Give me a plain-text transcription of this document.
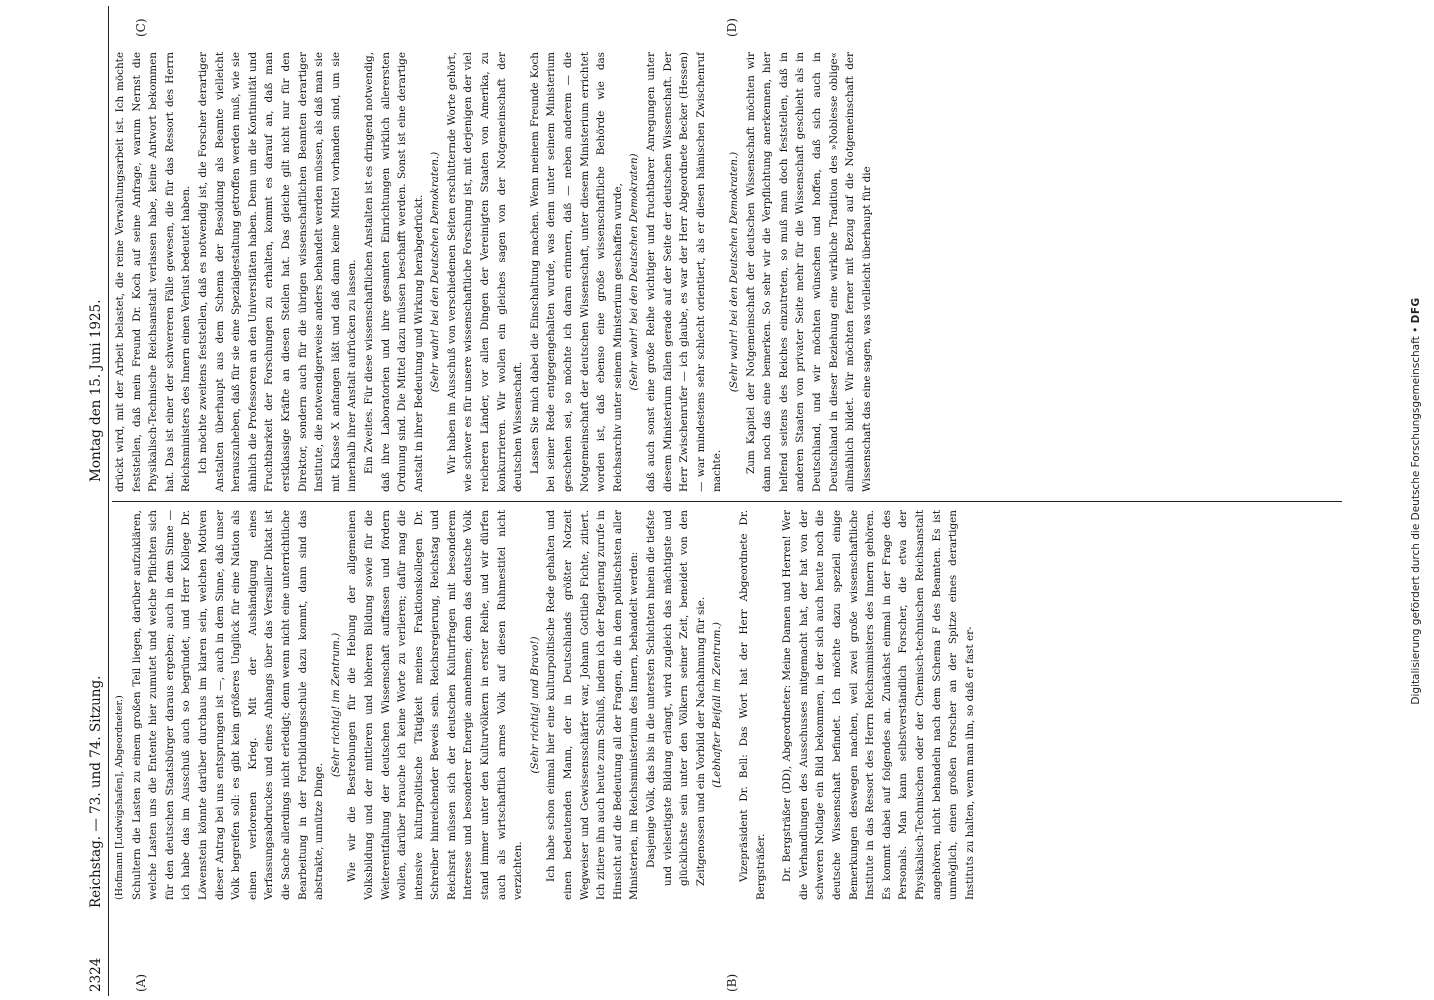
2324
Reichstag. — 73. und 74. Sitzung.
Montag den 15. Juni 1925.
(A)	(B)
(C)	(D)

(Hofmann [Ludwigshafen], Abgeordneter.) Schultern die Lasten zu einem großen Teil liegen, darüber aufzuklären, welche Lasten uns die Entente hier zumutet und welche Pflichten sich für den deutschen Staatsbürger daraus ergeben; auch in dem Sinne — ich habe das im Ausschuß auch so begründet, und Herr Kollege Dr. Löwenstein könnte darüber durchaus im klaren sein, welchen Motiven dieser Antrag bei uns entsprungen ist —, auch in dem Sinne, daß unser Volk begreifen soll: es gibt kein größeres Unglück für eine Nation als einen verlorenen Krieg. Mit der Aushändigung eines Verfassungsabdruckes und eines Anhangs über das Versailler Diktat ist die Sache allerdings nicht erledigt; denn wenn nicht eine unterrichtliche Bearbeitung in der Fortbildungsschule dazu kommt, dann sind das abstrakte, unnütze Dinge.

(Sehr richtig! im Zentrum.) Wie wir die Bestrebungen für die Hebung der allgemeinen Volksbildung und der mittleren und höheren Bildung sowie für die Weiterentfaltung der deutschen Wissenschaft auffassen und fördern wollen, darüber brauche ich keine Worte zu verlieren; dafür mag die intensive kulturpolitische Tätigkeit meines Fraktionskollegen Dr. Schreiber hinreichender Beweis sein. Reichsregierung, Reichstag und Reichsrat müssen sich der deutschen Kulturfragen mit besonderem Interesse und besonderer Energie annehmen; denn das deutsche Volk stand immer unter den Kulturvölkern in erster Reihe, und wir dürfen auch als wirtschaftlich armes Volk auf diesen Ruhmestitel nicht verzichten.

(Sehr richtig! und Bravo!) Ich habe schon einmal hier eine kulturpolitische Rede gehalten und einen bedeutenden Mann, der in Deutschlands größter Notzeit Wegweiser und Gewissensschärfer war, Johann Gottlieb Fichte, zitiert. Ich zitiere ihn auch heute zum Schluß, indem ich der Regierung zurufe in Hinsicht auf die Bedeutung all der Fragen, die in dem politischsten aller Ministerien, im Reichsministerium des Innern, behandelt werden: Dasjenige Volk, das bis in die untersten Schichten hinein die tiefste und vielseitigste Bildung erlangt, wird zugleich das mächtigste und glücklichste sein unter den Völkern seiner Zeit, beneidet von den Zeitgenossen und ein Vorbild der Nachahmung für sie. (Lebhafter Beifall im Zentrum.) Vizepräsident Dr. Bell: Das Wort hat der Herr Abgeordnete Dr. Bergsträßer. Dr. Bergsträßer (DD), Abgeordneter: Meine Damen und Herren! Wer die Verhandlungen des Ausschusses mitgemacht hat, der hat von der schweren Notlage ein Bild bekommen, in der sich auch heute noch die deutsche Wissenschaft befindet. Ich möchte dazu speziell einige Bemerkungen deswegen machen, weil zwei große wissenschaftliche Institute in das Ressort des Herrn Reichsministers des Innern gehören. Es kommt dabei auf folgendes an. Zunächst einmal in der Frage des Personals. Man kann selbstverständlich Forscher, die etwa der Physikalisch-Technischen oder der Chemisch-technischen Reichsanstalt angehören, nicht behandeln nach dem Schema F des Beamten. Es ist unmöglich, einen großen Forscher an der Spitze eines derartigen Instituts zu halten, wenn man ihn, so daß er fast er-

drückt wird, mit der Arbeit belastet, die reine Verwaltungsarbeit ist. Ich möchte feststellen, daß mein Freund Dr. Koch auf seine Anfrage, warum Nernst die Physikalisch-Technische Reichsanstalt verlassen habe, keine Antwort bekommen hat. Das ist einer der schwereren Fälle gewesen, die für das Ressort des Herrn Reichsministers des Innern einen Verlust bedeutet haben. Ich möchte zweitens feststellen, daß es notwendig ist, die Forscher derartiger Anstalten überhaupt aus dem Schema der Besoldung als Beamte vielleicht herauszuheben, daß für sie eine Spezialgestaltung getroffen werden muß, wie sie ähnlich die Professoren an den Universitäten haben. Denn um die Kontinuität und Fruchtbarkeit der Forschungen zu erhalten, kommt es darauf an, daß man erstklassige Kräfte an diesen Stellen hat. Das gleiche gilt nicht nur für den Direktor, sondern auch für die übrigen wissenschaftlichen Beamten derartiger Institute, die notwendigerweise anders behandelt werden müssen, als daß man sie mit Klasse X anfangen läßt und daß dann keine Mittel vorhanden sind, um sie innerhalb ihrer Anstalt aufrücken zu lassen. Ein Zweites. Für diese wissenschaftlichen Anstalten ist es dringend notwendig, daß ihre Laboratorien und ihre gesamten Einrichtungen wirklich allerersten Ordnung sind. Die Mittel dazu müssen beschafft werden. Sonst ist eine derartige Anstalt in ihrer Bedeutung und Wirkung herabgedrückt. (Sehr wahr! bei den Deutschen Demokraten.) Wir haben im Ausschuß von verschiedenen Seiten erschütternde Worte gehört, wie schwer es für unsere wissenschaftliche Forschung ist, mit derjenigen der viel reicheren Länder, vor allen Dingen der Vereinigten Staaten von Amerika, zu konkurrieren. Wir wollen ein gleiches sagen von der Notgemeinschaft der deutschen Wissenschaft. Lassen Sie mich dabei die Einschaltung machen. Wenn meinem Freunde Koch bei seiner Rede entgegengehalten wurde, was denn unter seinem Ministerium geschehen sei, so möchte ich daran erinnern, daß — neben anderem — die Notgemeinschaft der deutschen Wissenschaft, unter diesem Ministerium errichtet worden ist, daß ebenso eine große wissenschaftliche Behörde wie das Reichsarchiv unter seinem Ministerium geschaffen wurde, (Sehr wahr! bei den Deutschen Demokraten) daß auch sonst eine große Reihe wichtiger und fruchtbarer Anregungen unter diesem Ministerium fallen gerade auf der Seite der deutschen Wissenschaft. Der Herr Zwischenrufer — ich glaube, es war der Herr Abgeordnete Becker (Hessen) — war mindestens sehr schlecht orientiert, als er diesen hämischen Zwischenruf machte.

(Sehr wahr! bei den Deutschen Demokraten.) Zum Kapitel der Notgemeinschaft der deutschen Wissenschaft möchten wir dann noch das eine bemerken. So sehr wir die Verpflichtung anerkennen, hier helfend seitens des Reiches einzutreten, so muß man doch feststellen, daß in anderen Staaten von privater Seite mehr für die Wissenschaft geschieht als in Deutschland, und wir möchten wünschen und hoffen, daß sich auch in Deutschland in dieser Beziehung eine wirkliche Tradition des »Noblesse oblige« allmählich bildet. Wir möchten ferner mit Bezug auf die Notgemeinschaft der Wissenschaft das eine sagen, was vielleicht überhaupt für die

Digitalisierung gefördert durch die Deutsche Forschungsgemeinschaft • DFG
